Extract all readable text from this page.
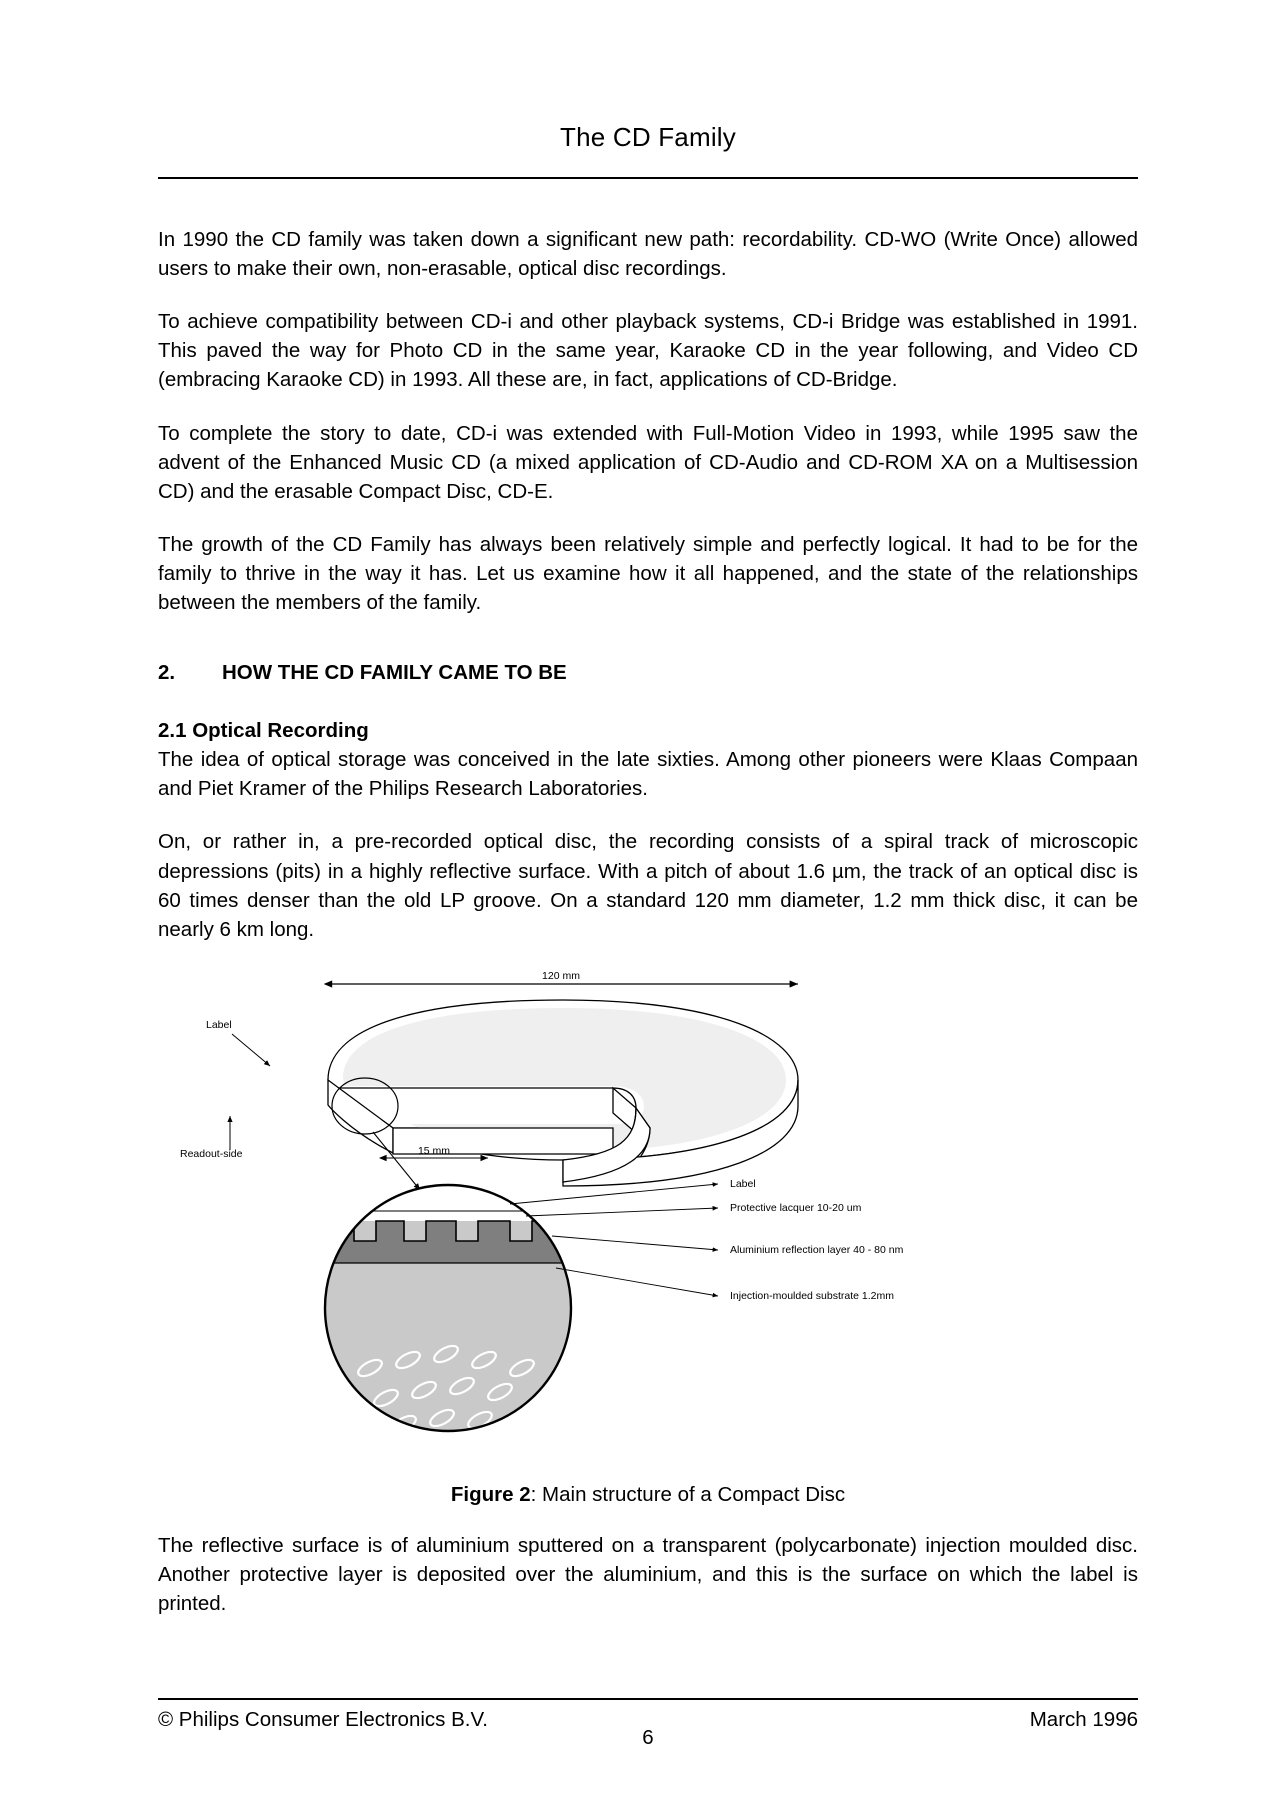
The CD Family

In 1990 the CD family was taken down a significant new path: recordability. CD-WO (Write Once) allowed users to make their own, non-erasable, optical disc recordings.

To achieve compatibility between CD-i and other playback systems, CD-i Bridge was established in 1991. This paved the way for Photo CD in the same year, Karaoke CD in the year following, and Video CD (embracing Karaoke CD) in 1993. All these are, in fact, applications of CD-Bridge.

To complete the story to date, CD-i was extended with Full-Motion Video in 1993, while 1995 saw the advent of the Enhanced Music CD (a mixed application of CD-Audio and CD-ROM XA on a Multisession CD) and the erasable Compact Disc, CD-E.

The growth of the CD Family has always been relatively simple and perfectly logical. It had to be for the family to thrive in the way it has. Let us examine how it all happened, and the state of the relationships between the members of the family.

2. HOW THE CD FAMILY CAME TO BE
2.1 Optical Recording

The idea of optical storage was conceived in the late sixties. Among other pioneers were Klaas Compaan and Piet Kramer of the Philips Research Laboratories.

On, or rather in, a pre-recorded optical disc, the recording consists of a spiral track of microscopic depressions (pits) in a highly reflective surface. With a pitch of about 1.6 µm, the track of an optical disc is 60 times denser than the old LP groove. On a standard 120 mm diameter, 1.2 mm thick disc, it can be nearly 6 km long.

120 mm
Label
Readout-side	15 mm
Label
Protective lacquer 10-20 um
Aluminium reflection layer 40 - 80 nm
Injection-moulded substrate 1.2mm
Figure 2: Main structure of a Compact Disc

The reflective surface is of aluminium sputtered on a transparent (polycarbonate) injection moulded disc. Another protective layer is deposited over the aluminium, and this is the surface on which the label is printed.

© Philips Consumer Electronics B.V.	March 1996
6
